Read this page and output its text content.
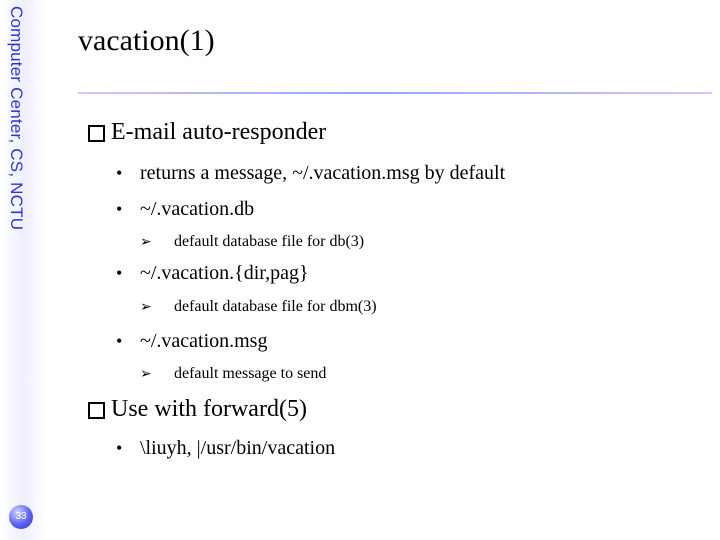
Computer Center, CS, NCTU
33
vacation(1)
E-mail auto-responder
• returns a message, ~/.vacation.msg by default
• ~/.vacation.db
➢	default database file for db(3)
• ~/.vacation.{dir,pag}
➢	default database file for dbm(3)
• ~/.vacation.msg
➢	default message to send
Use with forward(5)
• \liuyh, |/usr/bin/vacation
